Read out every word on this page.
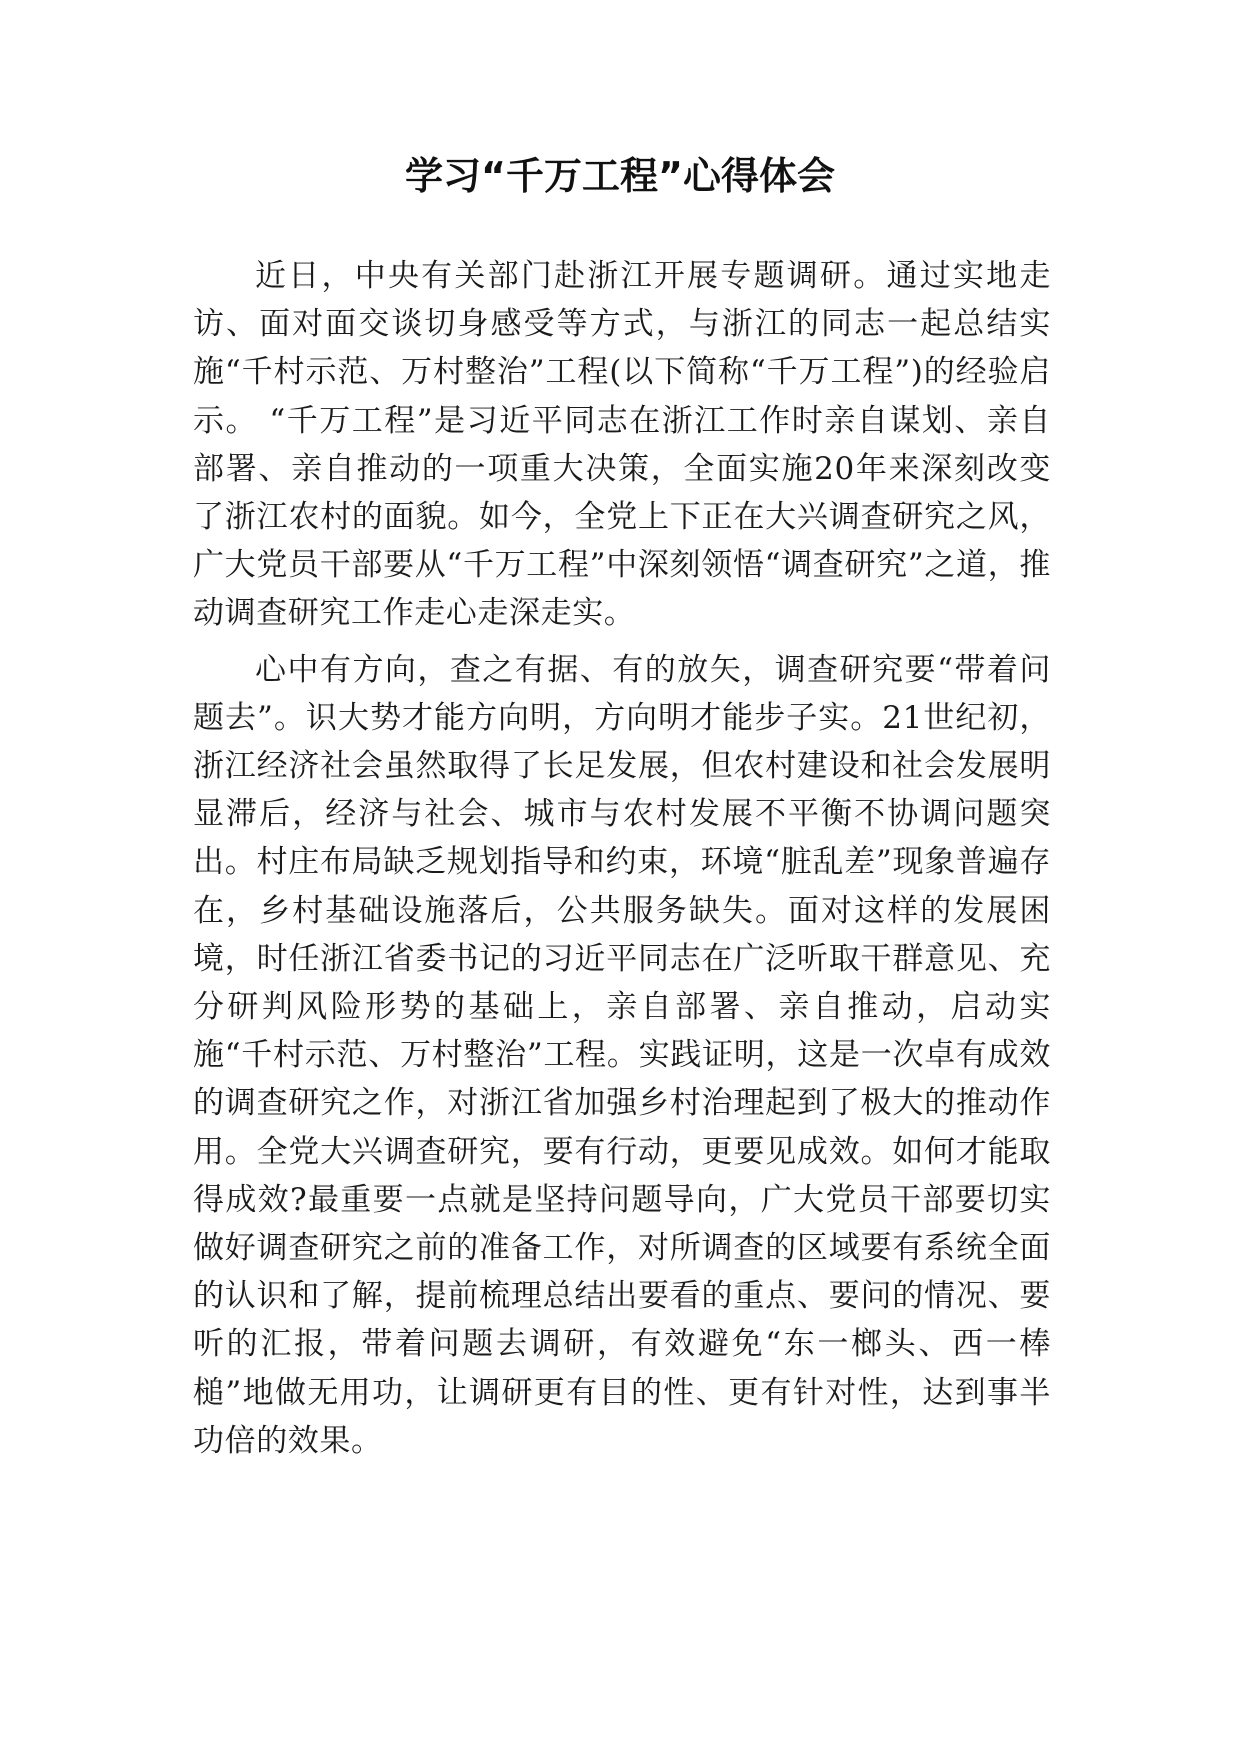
学习“千万工程”心得体会

近日，中央有关部门赴浙江开展专题调研。通过实地走访、面对面交谈切身感受等方式，与浙江的同志一起总结实施“千村示范、万村整治”工程(以下简称“千万工程”)的经验启示。 “千万工程”是习近平同志在浙江工作时亲自谋划、亲自部署、亲自推动的一项重大决策，全面实施20年来深刻改变了浙江农村的面貌。如今，全党上下正在大兴调查研究之风，广大党员干部要从“千万工程”中深刻领悟“调查研究”之道，推动调查研究工作走心走深走实。

心中有方向，查之有据、有的放矢，调查研究要“带着问题去”。识大势才能方向明，方向明才能步子实。21世纪初，浙江经济社会虽然取得了长足发展，但农村建设和社会发展明显滞后，经济与社会、城市与农村发展不平衡不协调问题突出。村庄布局缺乏规划指导和约束，环境“脏乱差”现象普遍存在，乡村基础设施落后，公共服务缺失。面对这样的发展困境，时任浙江省委书记的习近平同志在广泛听取干群意见、充分研判风险形势的基础上，亲自部署、亲自推动，启动实施“千村示范、万村整治”工程。实践证明，这是一次卓有成效的调查研究之作，对浙江省加强乡村治理起到了极大的推动作用。全党大兴调查研究，要有行动，更要见成效。如何才能取得成效?最重要一点就是坚持问题导向，广大党员干部要切实做好调查研究之前的准备工作，对所调查的区域要有系统全面的认识和了解，提前梳理总结出要看的重点、要问的情况、要听的汇报，带着问题去调研，有效避免“东一榔头、西一棒槌”地做无用功，让调研更有目的性、更有针对性，达到事半功倍的效果。
